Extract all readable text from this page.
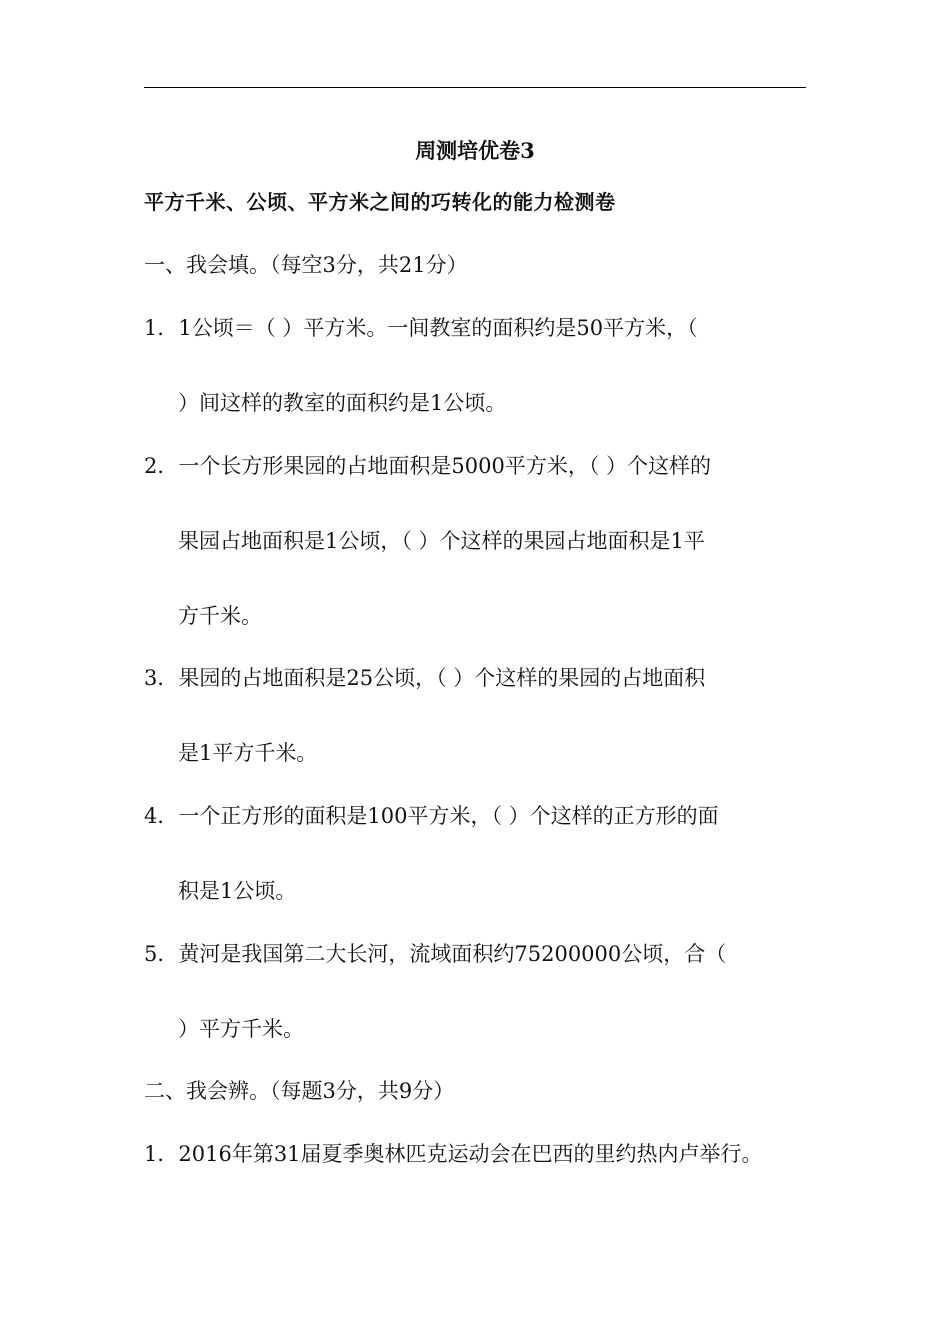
周测培优卷3
平方千米、公顷、平方米之间的巧转化的能力检测卷
一、我会填。（每空3分，共21分）
1．1公顷＝（ ）平方米。一间教室的面积约是50平方米，（
）间这样的教室的面积约是1公顷。
2．一个长方形果园的占地面积是5000平方米，（ ）个这样的
果园占地面积是1公顷，（ ）个这样的果园占地面积是1平
方千米。
3．果园的占地面积是25公顷，（ ）个这样的果园的占地面积
是1平方千米。
4．一个正方形的面积是100平方米，（ ）个这样的正方形的面
积是1公顷。
5．黄河是我国第二大长河，流域面积约75200000公顷，合（
）平方千米。
二、我会辨。（每题3分，共9分）
1．2016年第31届夏季奥林匹克运动会在巴西的里约热内卢举行。
